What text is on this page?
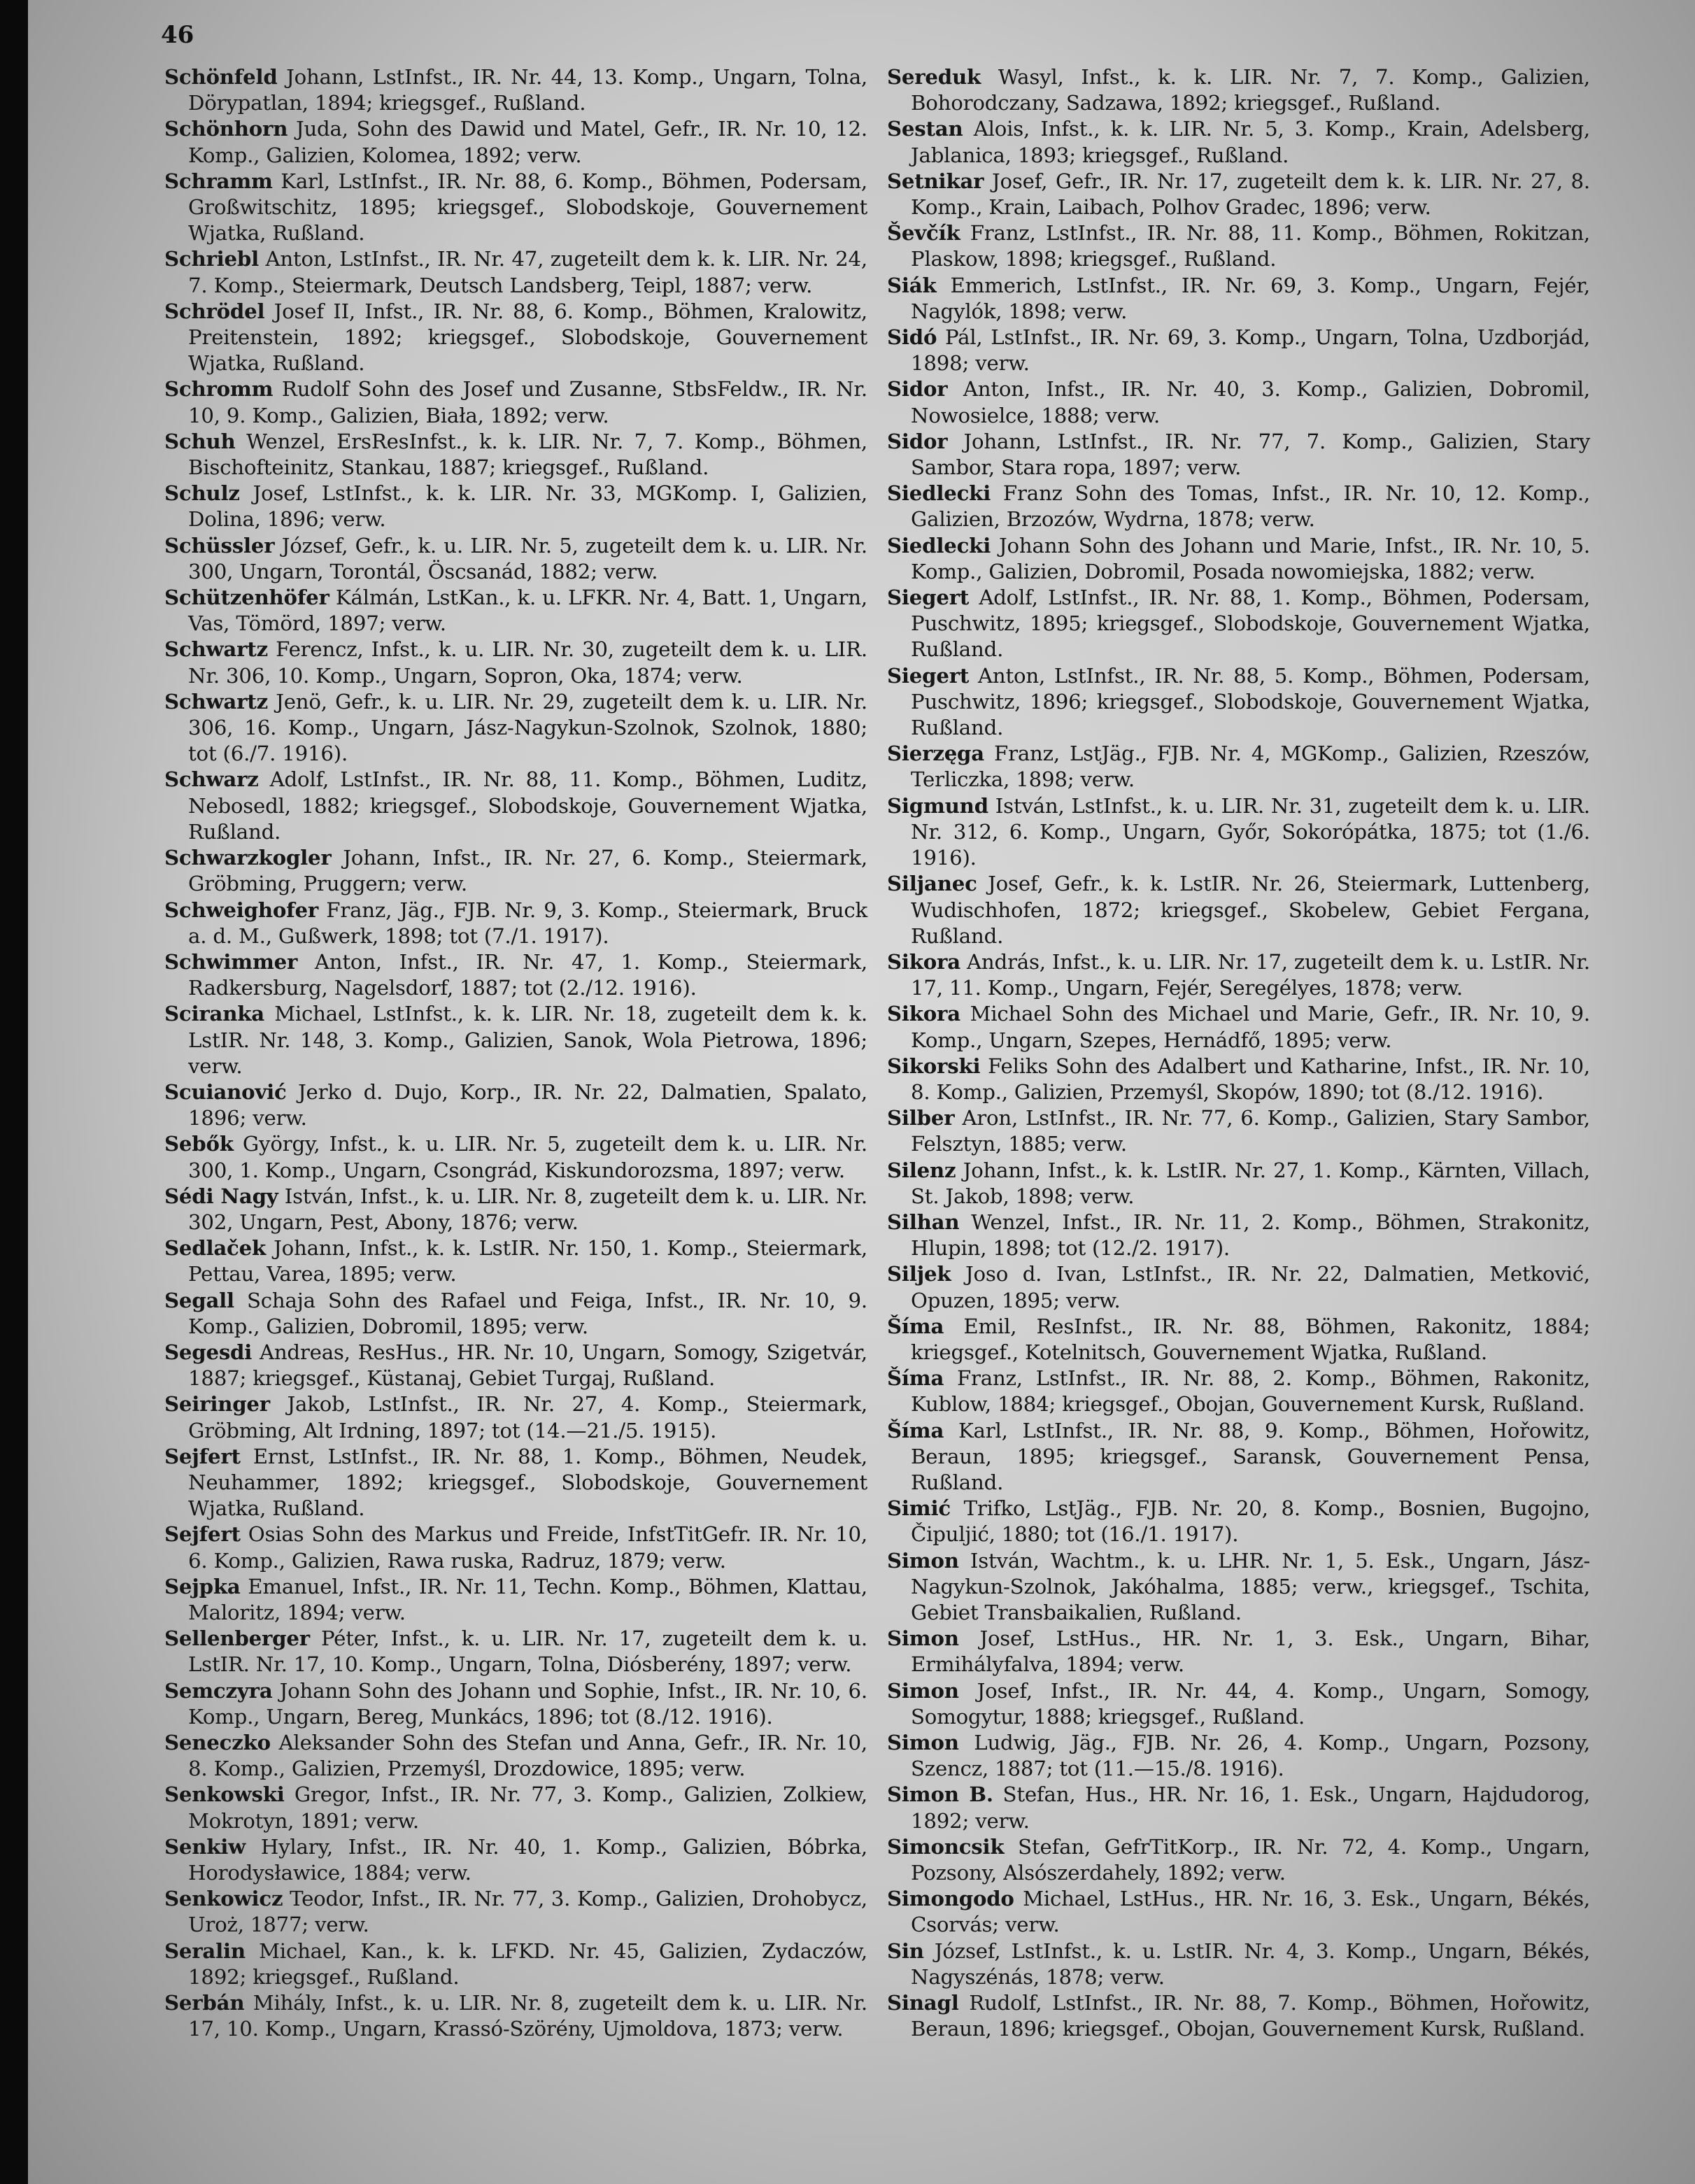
46

Schönfeld Johann, LstInfst., IR. Nr. 44, 13. Komp., Ungarn, Tolna, Dörypatlan, 1894; kriegsgef., Rußland.

Schönhorn Juda, Sohn des Dawid und Matel, Gefr., IR. Nr. 10, 12. Komp., Galizien, Kolomea, 1892; verw.

Schramm Karl, LstInfst., IR. Nr. 88, 6. Komp., Böhmen, Podersam, Großwitschitz, 1895; kriegsgef., Slobodskoje, Gouvernement Wjatka, Rußland.

Schriebl Anton, LstInfst., IR. Nr. 47, zugeteilt dem k. k. LIR. Nr. 24, 7. Komp., Steiermark, Deutsch Landsberg, Teipl, 1887; verw.

Schrödel Josef II, Infst., IR. Nr. 88, 6. Komp., Böhmen, Kralowitz, Preitenstein, 1892; kriegsgef., Slobodskoje, Gouvernement Wjatka, Rußland.

Schromm Rudolf Sohn des Josef und Zusanne, StbsFeldw., IR. Nr. 10, 9. Komp., Galizien, Biała, 1892; verw.

Schuh Wenzel, ErsResInfst., k. k. LIR. Nr. 7, 7. Komp., Böhmen, Bischofteinitz, Stankau, 1887; kriegsgef., Rußland.

Schulz Josef, LstInfst., k. k. LIR. Nr. 33, MGKomp. I, Galizien, Dolina, 1896; verw.

Schüssler József, Gefr., k. u. LIR. Nr. 5, zugeteilt dem k. u. LIR. Nr. 300, Ungarn, Torontál, Öscsanád, 1882; verw.

Schützenhöfer Kálmán, LstKan., k. u. LFKR. Nr. 4, Batt. 1, Ungarn, Vas, Tömörd, 1897; verw.

Schwartz Ferencz, Infst., k. u. LIR. Nr. 30, zugeteilt dem k. u. LIR. Nr. 306, 10. Komp., Ungarn, Sopron, Oka, 1874; verw.

Schwartz Jenö, Gefr., k. u. LIR. Nr. 29, zugeteilt dem k. u. LIR. Nr. 306, 16. Komp., Ungarn, Jász-Nagykun-Szolnok, Szolnok, 1880; tot (6./7. 1916).

Schwarz Adolf, LstInfst., IR. Nr. 88, 11. Komp., Böhmen, Luditz, Nebosedl, 1882; kriegsgef., Slobodskoje, Gouvernement Wjatka, Rußland.

Schwarzkogler Johann, Infst., IR. Nr. 27, 6. Komp., Steiermark, Gröbming, Pruggern; verw.

Schweighofer Franz, Jäg., FJB. Nr. 9, 3. Komp., Steiermark, Bruck a. d. M., Gußwerk, 1898; tot (7./1. 1917).

Schwimmer Anton, Infst., IR. Nr. 47, 1. Komp., Steiermark, Radkersburg, Nagelsdorf, 1887; tot (2./12. 1916).

Sciranka Michael, LstInfst., k. k. LIR. Nr. 18, zugeteilt dem k. k. LstIR. Nr. 148, 3. Komp., Galizien, Sanok, Wola Pietrowa, 1896; verw.

Scuianović Jerko d. Dujo, Korp., IR. Nr. 22, Dalmatien, Spalato, 1896; verw.

Sebők György, Infst., k. u. LIR. Nr. 5, zugeteilt dem k. u. LIR. Nr. 300, 1. Komp., Ungarn, Csongrád, Kiskundorozsma, 1897; verw.

Sédi Nagy István, Infst., k. u. LIR. Nr. 8, zugeteilt dem k. u. LIR. Nr. 302, Ungarn, Pest, Abony, 1876; verw.

Sedlaček Johann, Infst., k. k. LstIR. Nr. 150, 1. Komp., Steiermark, Pettau, Varea, 1895; verw.

Segall Schaja Sohn des Rafael und Feiga, Infst., IR. Nr. 10, 9. Komp., Galizien, Dobromil, 1895; verw.

Segesdi Andreas, ResHus., HR. Nr. 10, Ungarn, Somogy, Szigetvár, 1887; kriegsgef., Küstanaj, Gebiet Turgaj, Rußland.

Seiringer Jakob, LstInfst., IR. Nr. 27, 4. Komp., Steiermark, Gröbming, Alt Irdning, 1897; tot (14.—21./5. 1915).

Sejfert Ernst, LstInfst., IR. Nr. 88, 1. Komp., Böhmen, Neudek, Neuhammer, 1892; kriegsgef., Slobodskoje, Gouvernement Wjatka, Rußland.

Sejfert Osias Sohn des Markus und Freide, InfstTitGefr. IR. Nr. 10, 6. Komp., Galizien, Rawa ruska, Radruz, 1879; verw.

Sejpka Emanuel, Infst., IR. Nr. 11, Techn. Komp., Böhmen, Klattau, Maloritz, 1894; verw.

Sellenberger Péter, Infst., k. u. LIR. Nr. 17, zugeteilt dem k. u. LstIR. Nr. 17, 10. Komp., Ungarn, Tolna, Diósberény, 1897; verw.

Semczyra Johann Sohn des Johann und Sophie, Infst., IR. Nr. 10, 6. Komp., Ungarn, Bereg, Munkács, 1896; tot (8./12. 1916).

Seneczko Aleksander Sohn des Stefan und Anna, Gefr., IR. Nr. 10, 8. Komp., Galizien, Przemyśl, Drozdowice, 1895; verw.

Senkowski Gregor, Infst., IR. Nr. 77, 3. Komp., Galizien, Zolkiew, Mokrotyn, 1891; verw.

Senkiw Hylary, Infst., IR. Nr. 40, 1. Komp., Galizien, Bóbrka, Horodysławice, 1884; verw.

Senkowicz Teodor, Infst., IR. Nr. 77, 3. Komp., Galizien, Drohobycz, Uroż, 1877; verw.

Seralin Michael, Kan., k. k. LFKD. Nr. 45, Galizien, Zydaczów, 1892; kriegsgef., Rußland.

Serbán Mihály, Infst., k. u. LIR. Nr. 8, zugeteilt dem k. u. LIR. Nr. 17, 10. Komp., Ungarn, Krassó-Szörény, Ujmoldova, 1873; verw.

Sereduk Wasyl, Infst., k. k. LIR. Nr. 7, 7. Komp., Galizien, Bohorodczany, Sadzawa, 1892; kriegsgef., Rußland.

Sestan Alois, Infst., k. k. LIR. Nr. 5, 3. Komp., Krain, Adelsberg, Jablanica, 1893; kriegsgef., Rußland.

Setnikar Josef, Gefr., IR. Nr. 17, zugeteilt dem k. k. LIR. Nr. 27, 8. Komp., Krain, Laibach, Polhov Gradec, 1896; verw.

Ševčík Franz, LstInfst., IR. Nr. 88, 11. Komp., Böhmen, Rokitzan, Plaskow, 1898; kriegsgef., Rußland.

Siák Emmerich, LstInfst., IR. Nr. 69, 3. Komp., Ungarn, Fejér, Nagylók, 1898; verw.

Sidó Pál, LstInfst., IR. Nr. 69, 3. Komp., Ungarn, Tolna, Uzdborjád, 1898; verw.

Sidor Anton, Infst., IR. Nr. 40, 3. Komp., Galizien, Dobromil, Nowosielce, 1888; verw.

Sidor Johann, LstInfst., IR. Nr. 77, 7. Komp., Galizien, Stary Sambor, Stara ropa, 1897; verw.

Siedlecki Franz Sohn des Tomas, Infst., IR. Nr. 10, 12. Komp., Galizien, Brzozów, Wydrna, 1878; verw.

Siedlecki Johann Sohn des Johann und Marie, Infst., IR. Nr. 10, 5. Komp., Galizien, Dobromil, Posada nowomiejska, 1882; verw.

Siegert Adolf, LstInfst., IR. Nr. 88, 1. Komp., Böhmen, Podersam, Puschwitz, 1895; kriegsgef., Slobodskoje, Gouvernement Wjatka, Rußland.

Siegert Anton, LstInfst., IR. Nr. 88, 5. Komp., Böhmen, Podersam, Puschwitz, 1896; kriegsgef., Slobodskoje, Gouvernement Wjatka, Rußland.

Sierzęga Franz, LstJäg., FJB. Nr. 4, MGKomp., Galizien, Rzeszów, Terliczka, 1898; verw.

Sigmund István, LstInfst., k. u. LIR. Nr. 31, zugeteilt dem k. u. LIR. Nr. 312, 6. Komp., Ungarn, Győr, Sokorópátka, 1875; tot (1./6. 1916).

Siljanec Josef, Gefr., k. k. LstIR. Nr. 26, Steiermark, Luttenberg, Wudischhofen, 1872; kriegsgef., Skobelew, Gebiet Fergana, Rußland.

Sikora András, Infst., k. u. LIR. Nr. 17, zugeteilt dem k. u. LstIR. Nr. 17, 11. Komp., Ungarn, Fejér, Seregélyes, 1878; verw.

Sikora Michael Sohn des Michael und Marie, Gefr., IR. Nr. 10, 9. Komp., Ungarn, Szepes, Hernádfő, 1895; verw.

Sikorski Feliks Sohn des Adalbert und Katharine, Infst., IR. Nr. 10, 8. Komp., Galizien, Przemyśl, Skopów, 1890; tot (8./12. 1916).

Silber Aron, LstInfst., IR. Nr. 77, 6. Komp., Galizien, Stary Sambor, Felsztyn, 1885; verw.

Silenz Johann, Infst., k. k. LstIR. Nr. 27, 1. Komp., Kärnten, Villach, St. Jakob, 1898; verw.

Silhan Wenzel, Infst., IR. Nr. 11, 2. Komp., Böhmen, Strakonitz, Hlupin, 1898; tot (12./2. 1917).

Siljek Joso d. Ivan, LstInfst., IR. Nr. 22, Dalmatien, Metković, Opuzen, 1895; verw.

Šíma Emil, ResInfst., IR. Nr. 88, Böhmen, Rakonitz, 1884; kriegsgef., Kotelnitsch, Gouvernement Wjatka, Rußland.

Šíma Franz, LstInfst., IR. Nr. 88, 2. Komp., Böhmen, Rakonitz, Kublow, 1884; kriegsgef., Obojan, Gouvernement Kursk, Rußland.

Šíma Karl, LstInfst., IR. Nr. 88, 9. Komp., Böhmen, Hořowitz, Beraun, 1895; kriegsgef., Saransk, Gouvernement Pensa, Rußland.

Simić Trifko, LstJäg., FJB. Nr. 20, 8. Komp., Bosnien, Bugojno, Čipuljić, 1880; tot (16./1. 1917).

Simon István, Wachtm., k. u. LHR. Nr. 1, 5. Esk., Ungarn, Jász-Nagykun-Szolnok, Jakóhalma, 1885; verw., kriegsgef., Tschita, Gebiet Transbaikalien, Rußland.

Simon Josef, LstHus., HR. Nr. 1, 3. Esk., Ungarn, Bihar, Ermihályfalva, 1894; verw.

Simon Josef, Infst., IR. Nr. 44, 4. Komp., Ungarn, Somogy, Somogytur, 1888; kriegsgef., Rußland.

Simon Ludwig, Jäg., FJB. Nr. 26, 4. Komp., Ungarn, Pozsony, Szencz, 1887; tot (11.—15./8. 1916).

Simon B. Stefan, Hus., HR. Nr. 16, 1. Esk., Ungarn, Hajdudorog, 1892; verw.

Simoncsik Stefan, GefrTitKorp., IR. Nr. 72, 4. Komp., Ungarn, Pozsony, Alsószerdahely, 1892; verw.

Simongodo Michael, LstHus., HR. Nr. 16, 3. Esk., Ungarn, Békés, Csorvás; verw.

Sin József, LstInfst., k. u. LstIR. Nr. 4, 3. Komp., Ungarn, Békés, Nagyszénás, 1878; verw.

Sinagl Rudolf, LstInfst., IR. Nr. 88, 7. Komp., Böhmen, Hořowitz, Beraun, 1896; kriegsgef., Obojan, Gouvernement Kursk, Rußland.
